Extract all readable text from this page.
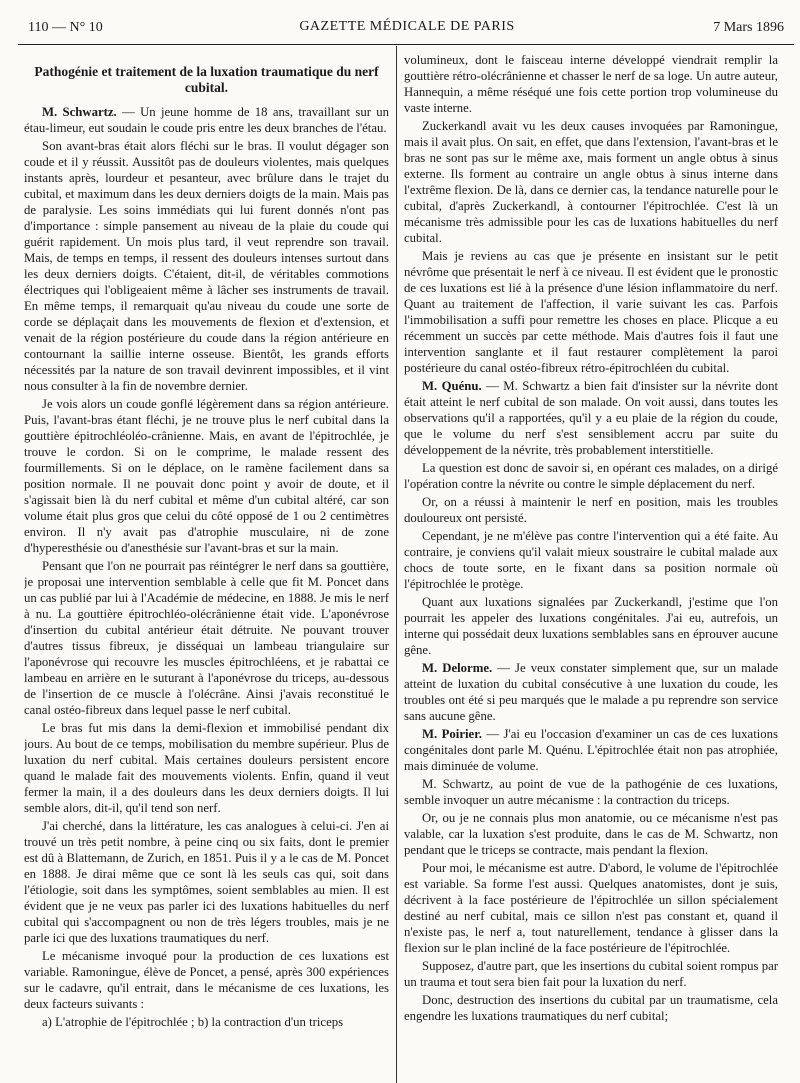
110 — N° 10	GAZETTE MÉDICALE DE PARIS	7 Mars 1896
Pathogénie et traitement de la luxation traumatique du nerf cubital.

M. Schwartz. — Un jeune homme de 18 ans, travaillant sur un étau-limeur, eut soudain le coude pris entre les deux branches de l'étau.

Son avant-bras était alors fléchi sur le bras. Il voulut dégager son coude et il y réussit. Aussitôt pas de douleurs violentes, mais quelques instants après, lourdeur et pesanteur, avec brûlure dans le trajet du cubital, et maximum dans les deux derniers doigts de la main. Mais pas de paralysie. Les soins immédiats qui lui furent donnés n'ont pas d'importance : simple pansement au niveau de la plaie du coude qui guérit rapidement. Un mois plus tard, il veut reprendre son travail. Mais, de temps en temps, il ressent des douleurs intenses surtout dans les deux derniers doigts. C'étaient, dit-il, de véritables commotions électriques qui l'obligeaient même à lâcher ses instruments de travail. En même temps, il remarquait qu'au niveau du coude une sorte de corde se déplaçait dans les mouvements de flexion et d'extension, et venait de la région postérieure du coude dans la région antérieure en contournant la saillie interne osseuse. Bientôt, les grands efforts nécessités par la nature de son travail devinrent impossibles, et il vint nous consulter à la fin de novembre dernier.

Je vois alors un coude gonflé légèrement dans sa région antérieure. Puis, l'avant-bras étant fléchi, je ne trouve plus le nerf cubital dans la gouttière épitrochléoléo-crânienne. Mais, en avant de l'épitrochlée, je trouve le cordon. Si on le comprime, le malade ressent des fourmillements. Si on le déplace, on le ramène facilement dans sa position normale. Il ne pouvait donc point y avoir de doute, et il s'agissait bien là du nerf cubital et même d'un cubital altéré, car son volume était plus gros que celui du côté opposé de 1 ou 2 centimètres environ. Il n'y avait pas d'atrophie musculaire, ni de zone d'hyperesthésie ou d'anesthésie sur l'avant-bras et sur la main.

Pensant que l'on ne pourrait pas réintégrer le nerf dans sa gouttière, je proposai une intervention semblable à celle que fit M. Poncet dans un cas publié par lui à l'Académie de médecine, en 1888. Je mis le nerf à nu. La gouttière épitrochléo-olécrânienne était vide. L'aponévrose d'insertion du cubital antérieur était détruite. Ne pouvant trouver d'autres tissus fibreux, je disséquai un lambeau triangulaire sur l'aponévrose qui recouvre les muscles épitrochléens, et je rabattai ce lambeau en arrière en le suturant à l'aponévrose du triceps, au-dessous de l'insertion de ce muscle à l'olécrâne. Ainsi j'avais reconstitué le canal ostéo-fibreux dans lequel passe le nerf cubital.

Le bras fut mis dans la demi-flexion et immobilisé pendant dix jours. Au bout de ce temps, mobilisation du membre supérieur. Plus de luxation du nerf cubital. Mais certaines douleurs persistent encore quand le malade fait des mouvements violents. Enfin, quand il veut fermer la main, il a des douleurs dans les deux derniers doigts. Il lui semble alors, dit-il, qu'il tend son nerf.

J'ai cherché, dans la littérature, les cas analogues à celui-ci. J'en ai trouvé un très petit nombre, à peine cinq ou six faits, dont le premier est dû à Blattemann, de Zurich, en 1851. Puis il y a le cas de M. Poncet en 1888. Je dirai même que ce sont là les seuls cas qui, soit dans l'étiologie, soit dans les symptômes, soient semblables au mien. Il est évident que je ne veux pas parler ici des luxations habituelles du nerf cubital qui s'accompagnent ou non de très légers troubles, mais je ne parle ici que des luxations traumatiques du nerf.

Le mécanisme invoqué pour la production de ces luxations est variable. Ramoningue, élève de Poncet, a pensé, après 300 expériences sur le cadavre, qu'il entrait, dans le mécanisme de ces luxations, les deux facteurs suivants :

a) L'atrophie de l'épitrochlée ; b) la contraction d'un triceps

volumineux, dont le faisceau interne développé viendrait remplir la gouttière rétro-olécrânienne et chasser le nerf de sa loge. Un autre auteur, Hannequin, a même réséqué une fois cette portion trop volumineuse du vaste interne.

Zuckerkandl avait vu les deux causes invoquées par Ramoningue, mais il avait plus. On sait, en effet, que dans l'extension, l'avant-bras et le bras ne sont pas sur le même axe, mais forment un angle obtus à sinus externe. Ils forment au contraire un angle obtus à sinus interne dans l'extrême flexion. De là, dans ce dernier cas, la tendance naturelle pour le cubital, d'après Zuckerkandl, à contourner l'épitrochlée. C'est là un mécanisme très admissible pour les cas de luxations habituelles du nerf cubital.

Mais je reviens au cas que je présente en insistant sur le petit névrôme que présentait le nerf à ce niveau. Il est évident que le pronostic de ces luxations est lié à la présence d'une lésion inflammatoire du nerf. Quant au traitement de l'affection, il varie suivant les cas. Parfois l'immobilisation a suffi pour remettre les choses en place. Plicque a eu récemment un succès par cette méthode. Mais d'autres fois il faut une intervention sanglante et il faut restaurer complètement la paroi postérieure du canal ostéo-fibreux rétro-épitrochléen du cubital.

M. Quénu. — M. Schwartz a bien fait d'insister sur la névrite dont était atteint le nerf cubital de son malade. On voit aussi, dans toutes les observations qu'il a rapportées, qu'il y a eu plaie de la région du coude, que le volume du nerf s'est sensiblement accru par suite du développement de la névrite, très probablement interstitielle.

La question est donc de savoir si, en opérant ces malades, on a dirigé l'opération contre la névrite ou contre le simple déplacement du nerf.

Or, on a réussi à maintenir le nerf en position, mais les troubles douloureux ont persisté.

Cependant, je ne m'élève pas contre l'intervention qui a été faite. Au contraire, je conviens qu'il valait mieux soustraire le cubital malade aux chocs de toute sorte, en le fixant dans sa position normale où l'épitrochlée le protège.

Quant aux luxations signalées par Zuckerkandl, j'estime que l'on pourrait les appeler des luxations congénitales. J'ai eu, autrefois, un interne qui possédait deux luxations semblables sans en éprouver aucune gêne.

M. Delorme. — Je veux constater simplement que, sur un malade atteint de luxation du cubital consécutive à une luxation du coude, les troubles ont été si peu marqués que le malade a pu reprendre son service sans aucune gêne.

M. Poirier. — J'ai eu l'occasion d'examiner un cas de ces luxations congénitales dont parle M. Quénu. L'épitrochlée était non pas atrophiée, mais diminuée de volume.

M. Schwartz, au point de vue de la pathogénie de ces luxations, semble invoquer un autre mécanisme : la contraction du triceps.

Or, ou je ne connais plus mon anatomie, ou ce mécanisme n'est pas valable, car la luxation s'est produite, dans le cas de M. Schwartz, non pendant que le triceps se contracte, mais pendant la flexion.

Pour moi, le mécanisme est autre. D'abord, le volume de l'épitrochlée est variable. Sa forme l'est aussi. Quelques anatomistes, dont je suis, décrivent à la face postérieure de l'épitrochlée un sillon spécialement destiné au nerf cubital, mais ce sillon n'est pas constant et, quand il n'existe pas, le nerf a, tout naturellement, tendance à glisser dans la flexion sur le plan incliné de la face postérieure de l'épitrochlée.

Supposez, d'autre part, que les insertions du cubital soient rompus par un trauma et tout sera bien fait pour la luxation du nerf.

Donc, destruction des insertions du cubital par un traumatisme, cela engendre les luxations traumatiques du nerf cubital;
